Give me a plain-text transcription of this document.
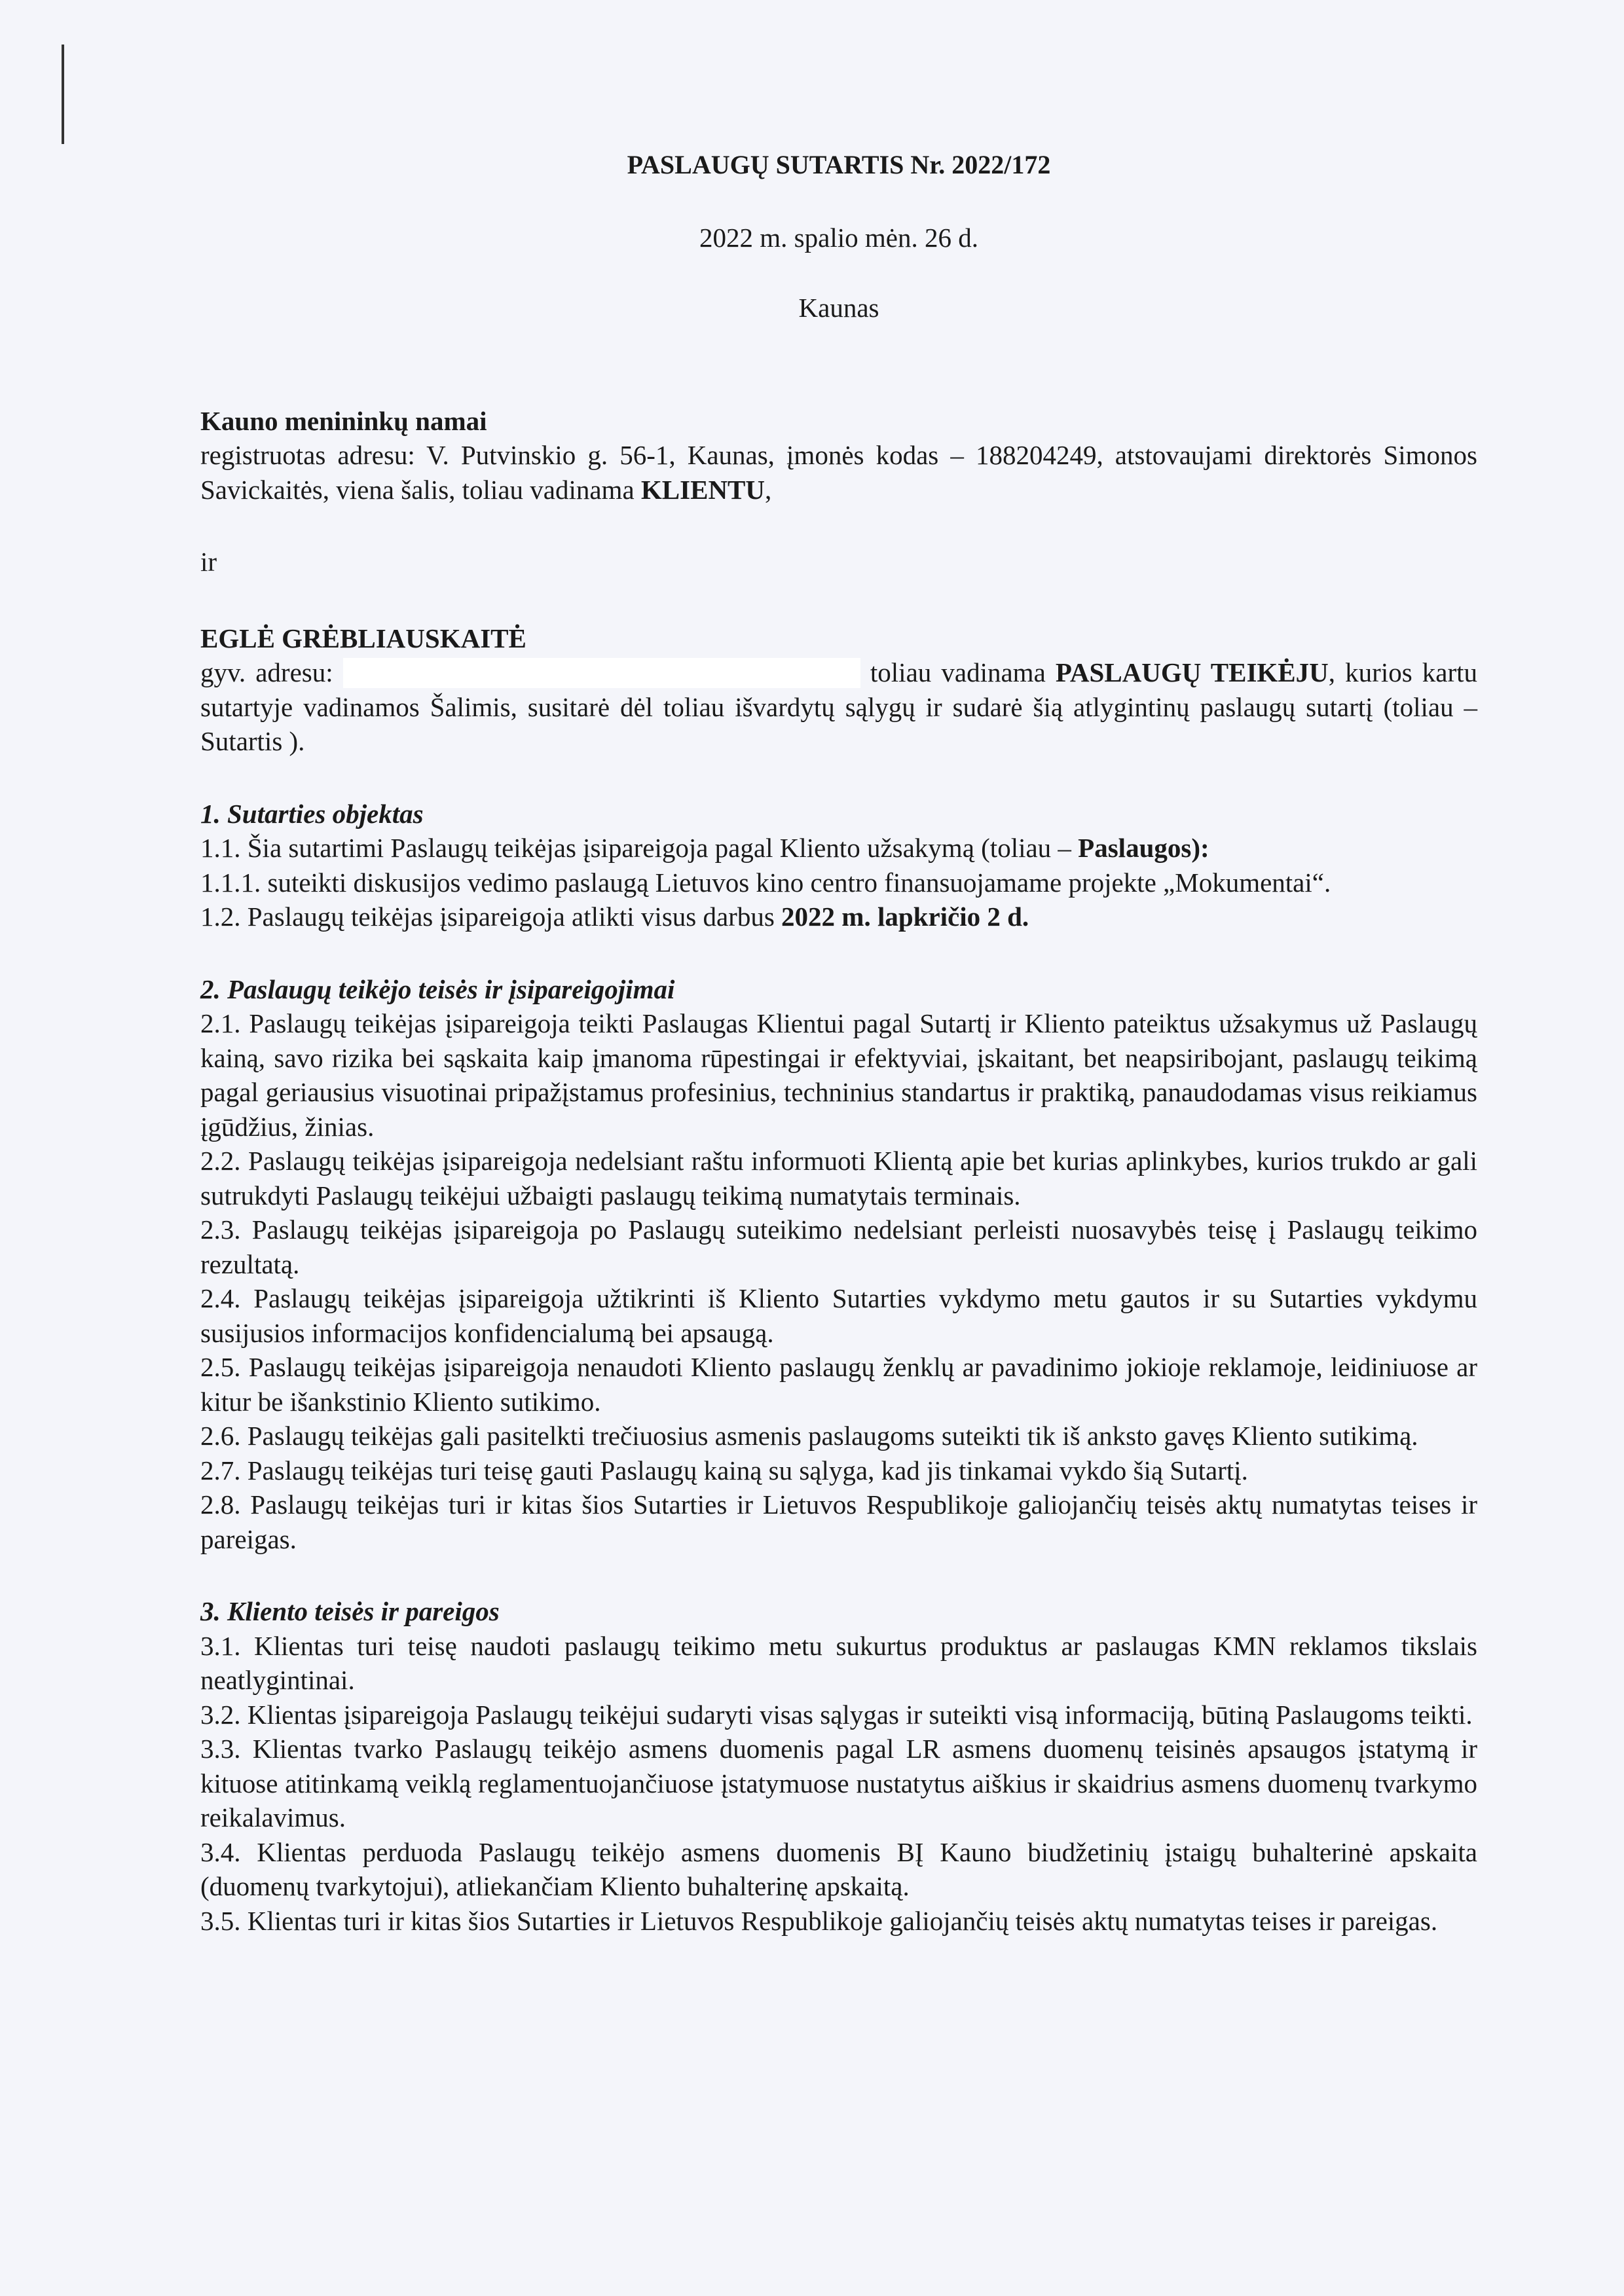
PASLAUGŲ SUTARTIS Nr. 2022/172
2022 m. spalio mėn. 26 d.
Kaunas

Kauno menininkų namai

registruotas adresu: V. Putvinskio g. 56-1, Kaunas, įmonės kodas – 188204249, atstovaujami direktorės Simonos Savickaitės, viena šalis, toliau vadinama KLIENTU,

ir

EGLĖ GRĖBLIAUSKAITĖ

gyv. adresu:	toliau vadinama PASLAUGŲ TEIKĖJU, kurios kartu sutartyje vadinamos Šalimis, susitarė dėl toliau išvardytų sąlygų ir sudarė šią atlygintinų paslaugų sutartį (toliau – Sutartis ).

1. Sutarties objektas

1.1. Šia sutartimi Paslaugų teikėjas įsipareigoja pagal Kliento užsakymą (toliau – Paslaugos):

1.1.1. suteikti diskusijos vedimo paslaugą Lietuvos kino centro finansuojamame projekte „Mokumentai“.

1.2. Paslaugų teikėjas įsipareigoja atlikti visus darbus 2022 m. lapkričio 2 d.

2. Paslaugų teikėjo teisės ir įsipareigojimai

2.1. Paslaugų teikėjas įsipareigoja teikti Paslaugas Klientui pagal Sutartį ir Kliento pateiktus užsakymus už Paslaugų kainą, savo rizika bei sąskaita kaip įmanoma rūpestingai ir efektyviai, įskaitant, bet neapsiribojant, paslaugų teikimą pagal geriausius visuotinai pripažįstamus profesinius, techninius standartus ir praktiką, panaudodamas visus reikiamus įgūdžius, žinias.

2.2. Paslaugų teikėjas įsipareigoja nedelsiant raštu informuoti Klientą apie bet kurias aplinkybes, kurios trukdo ar gali sutrukdyti Paslaugų teikėjui užbaigti paslaugų teikimą numatytais terminais.

2.3. Paslaugų teikėjas įsipareigoja po Paslaugų suteikimo nedelsiant perleisti nuosavybės teisę į Paslaugų teikimo rezultatą.

2.4. Paslaugų teikėjas įsipareigoja užtikrinti iš Kliento Sutarties vykdymo metu gautos ir su Sutarties vykdymu susijusios informacijos konfidencialumą bei apsaugą.

2.5. Paslaugų teikėjas įsipareigoja nenaudoti Kliento paslaugų ženklų ar pavadinimo jokioje reklamoje, leidiniuose ar kitur be išankstinio Kliento sutikimo.

2.6. Paslaugų teikėjas gali pasitelkti trečiuosius asmenis paslaugoms suteikti tik iš anksto gavęs Kliento sutikimą.

2.7. Paslaugų teikėjas turi teisę gauti Paslaugų kainą su sąlyga, kad jis tinkamai vykdo šią Sutartį.

2.8. Paslaugų teikėjas turi ir kitas šios Sutarties ir Lietuvos Respublikoje galiojančių teisės aktų numatytas teises ir pareigas.

3. Kliento teisės ir pareigos

3.1. Klientas turi teisę naudoti paslaugų teikimo metu sukurtus produktus ar paslaugas KMN reklamos tikslais neatlygintinai.

3.2. Klientas įsipareigoja Paslaugų teikėjui sudaryti visas sąlygas ir suteikti visą informaciją, būtiną Paslaugoms teikti.

3.3. Klientas tvarko Paslaugų teikėjo asmens duomenis pagal LR asmens duomenų teisinės apsaugos įstatymą ir kituose atitinkamą veiklą reglamentuojančiuose įstatymuose nustatytus aiškius ir skaidrius asmens duomenų tvarkymo reikalavimus.

3.4. Klientas perduoda Paslaugų teikėjo asmens duomenis BĮ Kauno biudžetinių įstaigų buhalterinė apskaita (duomenų tvarkytojui), atliekančiam Kliento buhalterinę apskaitą.

3.5. Klientas turi ir kitas šios Sutarties ir Lietuvos Respublikoje galiojančių teisės aktų numatytas teises ir pareigas.
